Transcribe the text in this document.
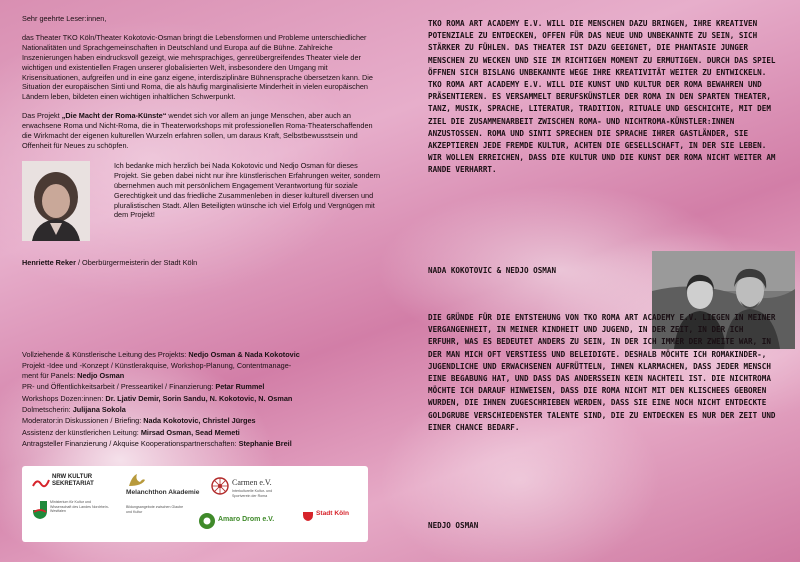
Sehr geehrte Leser:innen,

das Theater TKO Köln/Theater Kokotovic-Osman bringt die Lebensformen und Probleme unterschiedlicher Nationalitäten und Sprachgemeinschaften in Deutschland und Europa auf die Bühne. Zahlreiche Inszenierungen haben eindrucksvoll gezeigt, wie mehrsprachiges, genreübergreifendes Theater viele der wichtigen und existentiellen Fragen unserer globalisierten Welt, insbesondere den Umgang mit Krisensituationen, aufgreifen und in eine ganz eigene, interdisziplinäre Bühnensprache übersetzen kann. Die Situation der europäischen Sinti und Roma, die als häufig marginalisierte Minderheit in vielen europäischen Ländern leben, bildeten einen wichtigen inhaltlichen Schwerpunkt.

Das Projekt „Die Macht der Roma-Künste“ wendet sich vor allem an junge Menschen, aber auch an erwachsene Roma und Nicht-Roma, die in Theaterworkshops mit professionellen Roma-Theaterschaffenden die Wirkmacht der eigenen kulturellen Wurzeln erfahren sollen, um daraus Kraft, Selbstbewusstsein und Offenheit für Neues zu schöpfen.

Ich bedanke mich herzlich bei Nada Kokotovic und Nedjo Osman für dieses Projekt. Sie geben dabei nicht nur ihre künstlerischen Erfahrungen weiter, sondern übernehmen auch mit persönlichem Engagement Verantwortung für soziale Gerechtigkeit und das friedliche Zusammenleben in dieser kulturell diversen und pluralistischen Stadt. Allen Beteiligten wünsche ich viel Erfolg und Vergnügen mit dem Projekt!
Henriette Reker / Oberbürgermeisterin der Stadt Köln
Vollziehende & Künstlerische Leitung des Projekts: Nedjo Osman & Nada Kokotovic
Projekt -Idee und -Konzept / Künstlerakquise, Workshop-Planung, Contentmanage-
ment für Panels: Nedjo Osman
PR- und Öffentlichkeitsarbeit / Presseartikel / Finanzierung: Petar Rummel
Workshops Dozen:innen: Dr. Ljativ Demir, Sorin Sandu, N. Kokotovic, N. Osman
Dolmetscherin: Julijana Sokola
Moderator:in Diskussionen / Briefing: Nada Kokotovic, Christel Jürges
Assistenz der künstlerichen Leitung: Mirsad Osman, Sead Memeti
Antragsteller Finanzierung / Akquise Kooperationspartnerschaften: Stephanie Breil
NRW KULTUR SEKRETARIAT
Ministerium für Kultur und Wissenschaft des Landes Nordrhein-Westfalen
Melanchthon Akademie
Bildungsangebote zwischen Glaube und Kultur
Carmen e.V.
Interkulturelle Kultur- und Sportverein der Roma
Amaro Drom e.V.
Stadt Köln

TKO ROMA ART ACADEMY E.V. WILL DIE MENSCHEN DAZU BRINGEN, IHRE KREATIVEN POTENZIALE ZU ENTDECKEN, OFFEN FÜR DAS NEUE UND UNBEKANNTE ZU SEIN, SICH STÄRKER ZU FÜHLEN. DAS THEATER IST DAZU GEEIGNET, DIE PHANTASIE JUNGER MENSCHEN ZU WECKEN UND SIE IM RICHTIGEN MOMENT ZU ERMUTIGEN. DURCH DAS SPIEL ÖFFNEN SICH BISLANG UNBEKANNTE WEGE IHRE KREATIVITÄT WEITER ZU ENTWICKELN.

TKO ROMA ART ACADEMY E.V. WILL DIE KUNST UND KULTUR DER ROMA BEWAHREN UND PRÄSENTIEREN. ES VERSAMMELT BERUFSKÜNSTLER DER ROMA IN DEN SPARTEN THEATER, TANZ, MUSIK, SPRACHE, LITERATUR, TRADITION, RITUALE UND GESCHICHTE, MIT DEM ZIEL DIE ZUSAMMENARBEIT ZWISCHEN ROMA- UND NICHTROMA-KÜNSTLER:INNEN ANZUSTOSSEN. ROMA UND SINTI SPRECHEN DIE SPRACHE IHRER GASTLÄNDER, SIE AKZEPTIEREN JEDE FREMDE KULTUR, ACHTEN DIE GESELLSCHAFT, IN DER SIE LEBEN. WIR WOLLEN ERREICHEN, DASS DIE KULTUR UND DIE KUNST DER ROMA NICHT WEITER AM RANDE VERHARRT.

NADA KOKOTOVIC & NEDJO OSMAN

DIE GRÜNDE FÜR DIE ENTSTEHUNG VON TKO ROMA ART ACADEMY E.V. LIEGEN IN MEINER VERGANGENHEIT, IN MEINER KINDHEIT UND JUGEND, IN DER ZEIT, IN DER ICH ERFUHR, WAS ES BEDEUTET ANDERS ZU SEIN, IN DER ICH IMMER DER ZWEITE WAR, IN DER MAN MICH OFT VERSTIESS UND BELEIDIGTE. DESHALB MÖCHTE ICH ROMAKINDER-, JUGENDLICHE UND ERWACHSENEN AUFRÜTTELN, IHNEN KLARMACHEN, DASS JEDER MENSCH EINE BEGABUNG HAT, UND DASS DAS ANDERSSEIN KEIN NACHTEIL IST. DIE NICHTROMA MÖCHTE ICH DARAUF HINWEISEN, DASS DIE ROMA NICHT MIT DEN KLISCHEES GEBOREN WURDEN, DIE IHNEN ZUGESCHRIEBEN WERDEN, DASS SIE EINE NOCH NICHT ENTDECKTE GOLDGRUBE VERSCHIEDENSTER TALENTE SIND, DIE ZU ENTDECKEN ES NUR DER ZEIT UND EINER CHANCE BEDARF.

NEDJO OSMAN
